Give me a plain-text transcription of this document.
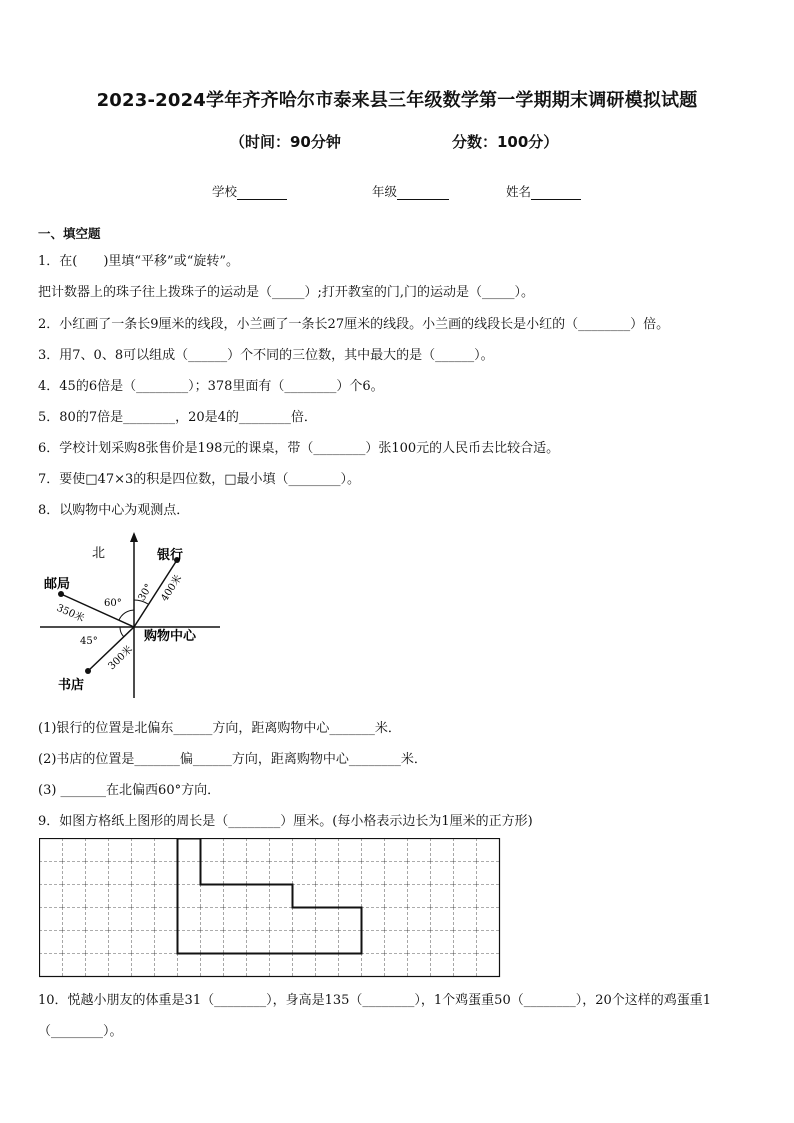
2023-2024学年齐齐哈尔市泰来县三年级数学第一学期期末调研模拟试题
（时间：90分钟	分数：100分）
学校	年级	姓名
一、填空题
1．在(　　)里填“平移”或“旋转”。
把计数器上的珠子往上拨珠子的运动是（_____）;打开教室的门,门的运动是（_____）。
2．小红画了一条长9厘米的线段，小兰画了一条长27厘米的线段。小兰画的线段长是小红的（________）倍。
3．用7、0、8可以组成（______）个不同的三位数，其中最大的是（______）。
4．45的6倍是（________）；378里面有（________）个6。
5．80的7倍是________，20是4的________倍．
6．学校计划采购8张售价是198元的课桌，带（________）张100元的人民币去比较合适。
7．要使□47×3的积是四位数，□最小填（________）。
8．以购物中心为观测点．
北	银行
邮局
书店
购物中心
30°
60°
45°
400米
350米
300米
(1)银行的位置是北偏东______方向，距离购物中心_______米．
(2)书店的位置是_______偏______方向，距离购物中心________米．
(3) _______在北偏西60°方向．
9．如图方格纸上图形的周长是（________）厘米。(每小格表示边长为1厘米的正方形)
10．悦越小朋友的体重是31（________），身高是135（________），1个鸡蛋重50（________），20个这样的鸡蛋重1
（________）。
